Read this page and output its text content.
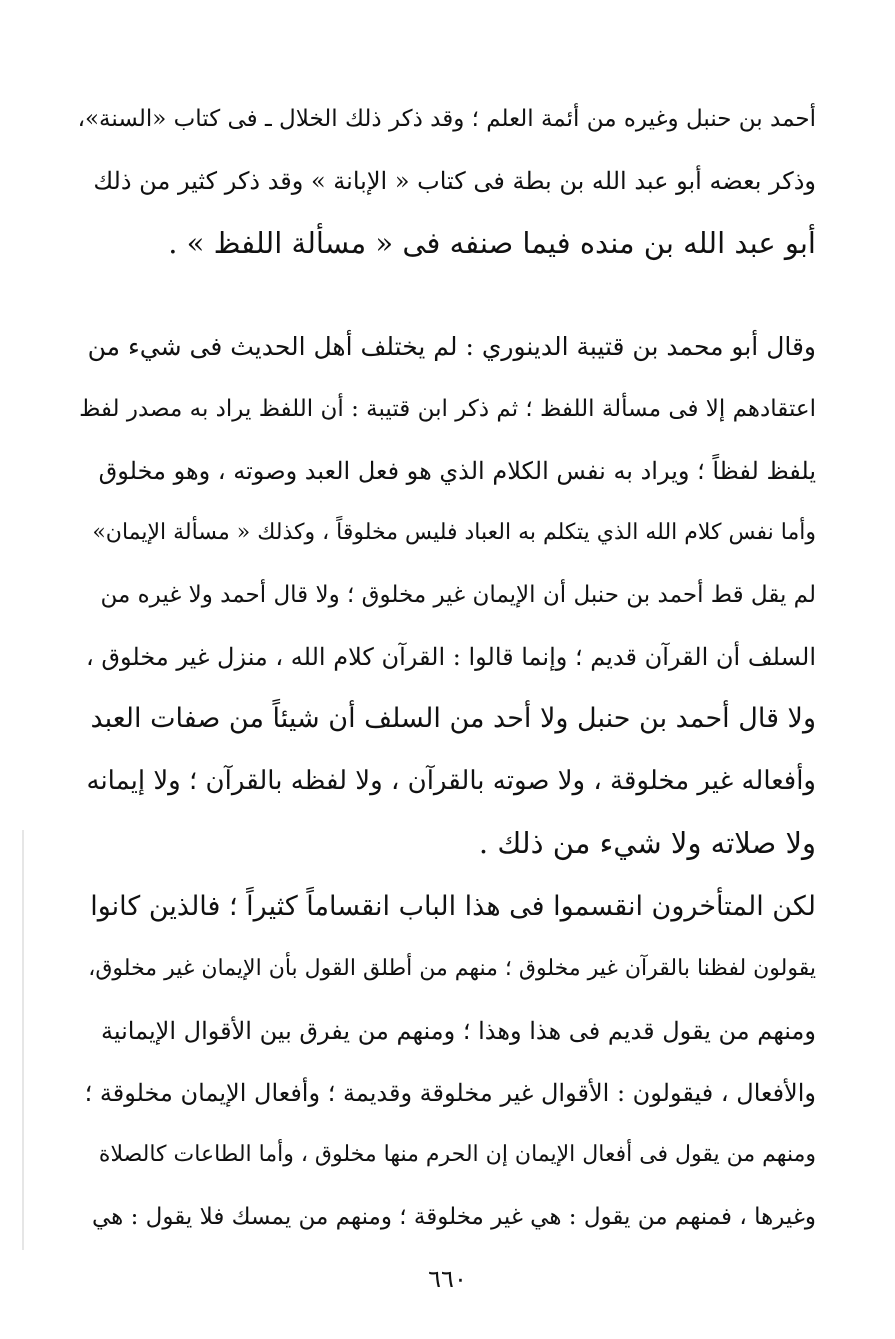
أحمد بن حنبل وغيره من أئمة العلم ؛ وقد ذكر ذلك الخلال ـ فى كتاب «السنة»،
وذكر بعضه أبو عبد الله بن بطة فى كتاب « الإبانة » وقد ذكر كثير من ذلك
أبو عبد الله بن منده فيما صنفه فى « مسألة اللفظ » .
وقال أبو محمد بن قتيبة الدينوري : لم يختلف أهل الحديث فى شيء من
اعتقادهم إلا فى مسألة اللفظ ؛ ثم ذكر ابن قتيبة : أن اللفظ يراد به مصدر لفظ
يلفظ لفظاً ؛ ويراد به نفس الكلام الذي هو فعل العبد وصوته ، وهو مخلوق
وأما نفس كلام الله الذي يتكلم به العباد فليس مخلوقاً ، وكذلك « مسألة الإيمان»
لم يقل قط أحمد بن حنبل أن الإيمان غير مخلوق ؛ ولا قال أحمد ولا غيره من
السلف أن القرآن قديم ؛ وإنما قالوا : القرآن كلام الله ، منزل غير مخلوق ،
ولا قال أحمد بن حنبل ولا أحد من السلف أن شيئاً من صفات العبد
وأفعاله غير مخلوقة ، ولا صوته بالقرآن ، ولا لفظه بالقرآن ؛ ولا إيمانه
ولا صلاته ولا شيء من ذلك .
لكن المتأخرون انقسموا فى هذا الباب انقساماً كثيراً ؛ فالذين كانوا
يقولون لفظنا بالقرآن غير مخلوق ؛ منهم من أطلق القول بأن الإيمان غير مخلوق،
ومنهم من يقول قديم فى هذا وهذا ؛ ومنهم من يفرق بين الأقوال الإيمانية
والأفعال ، فيقولون : الأقوال غير مخلوقة وقديمة ؛ وأفعال الإيمان مخلوقة ؛
ومنهم من يقول فى أفعال الإيمان إن الحرم منها مخلوق ، وأما الطاعات كالصلاة
وغيرها ، فمنهم من يقول : هي غير مخلوقة ؛ ومنهم من يمسك فلا يقول : هي
٦٦٠
